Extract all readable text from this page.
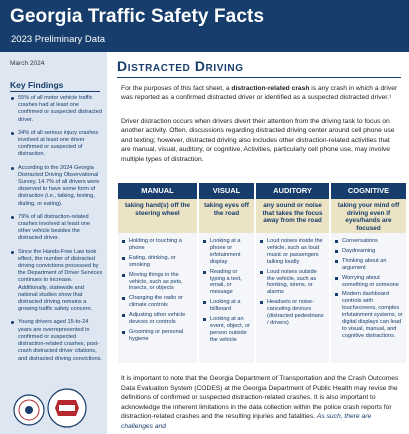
Georgia Traffic Safety Facts
2023 Preliminary Data
March 2024
Key Findings
55% of all motor vehicle traffic crashes had at least one confirmed or suspected distracted driver.
34% of all serious injury crashes involved at least one driver confirmed or suspected of distraction.
According to the 2024 Georgia Distracted Driving Observational Survey, 14.7% of all drivers were observed to have some form of distraction (i.e., talking, texting, dialing, or eating).
79% of all distraction-related crashes involved at least one other vehicle besides the distracted driver.
Since the Hands-Free Law took effect, the number of distracted driving convictions processed by the Department of Driver Services continues to increase. Additionally, statewide and national studies show that distracted driving remains a growing traffic safety concern.
Young drivers aged 15-to-24 years are overrepresented in confirmed or suspected distraction-related crashes, post-crash distracted driver citations, and distracted driving convictions.
Distracted Driving

For the purposes of this fact sheet, a distraction-related crash is any crash in which a driver was reported as a confirmed distracted driver or identified as a suspected distracted driver.¹

Driver distraction occurs when drivers divert their attention from the driving task to focus on another activity. Often, discussions regarding distracted driving center around cell phone use and texting; however, distracted driving also includes other distraction-related activities that are manual, visual, auditory, or cognitive. Activities, particularly cell phone use, may involve multiple types of distraction.

MANUAL
taking hand(s) off the steering wheel
Holding or touching a phone
Eating, drinking, or smoking
Moving things in the vehicle, such as pets, insects, or objects
Changing the radio or climate controls
Adjusting other vehicle devices or controls
Grooming or personal hygiene
VISUAL
taking eyes off the road
Looking at a phone or infotainment display
Reading or typing a text, email, or message
Looking at a billboard
Looking at an event, object, or person outside the vehicle
AUDITORY
any sound or noise that takes the focus away from the road
Loud noises inside the vehicle, such as loud music or passengers talking loudly
Loud noises outside the vehicle, such as honking, sirens, or alarms
Headsets or noise-canceling devices (distracted pedestrians / drivers)
COGNITIVE
taking your mind off driving even if eyes/hands are focused
Conversations
Daydreaming
Thinking about an argument
Worrying about something or someone
Modern dashboard controls with touchscreens, complex infotainment systems, or digital displays can lead to visual, manual, and cognitive distractions.

It is important to note that the Georgia Department of Transportation and the Crash Outcomes Data Evaluation System (CODES) at the Georgia Department of Public Health may revise the definitions of confirmed or suspected distraction-related crashes. It is also important to acknowledge the inherent limitations in the data collection within the police crash reports for distraction-related crashes and the resulting injuries and fatalities. As such, there are challenges and
